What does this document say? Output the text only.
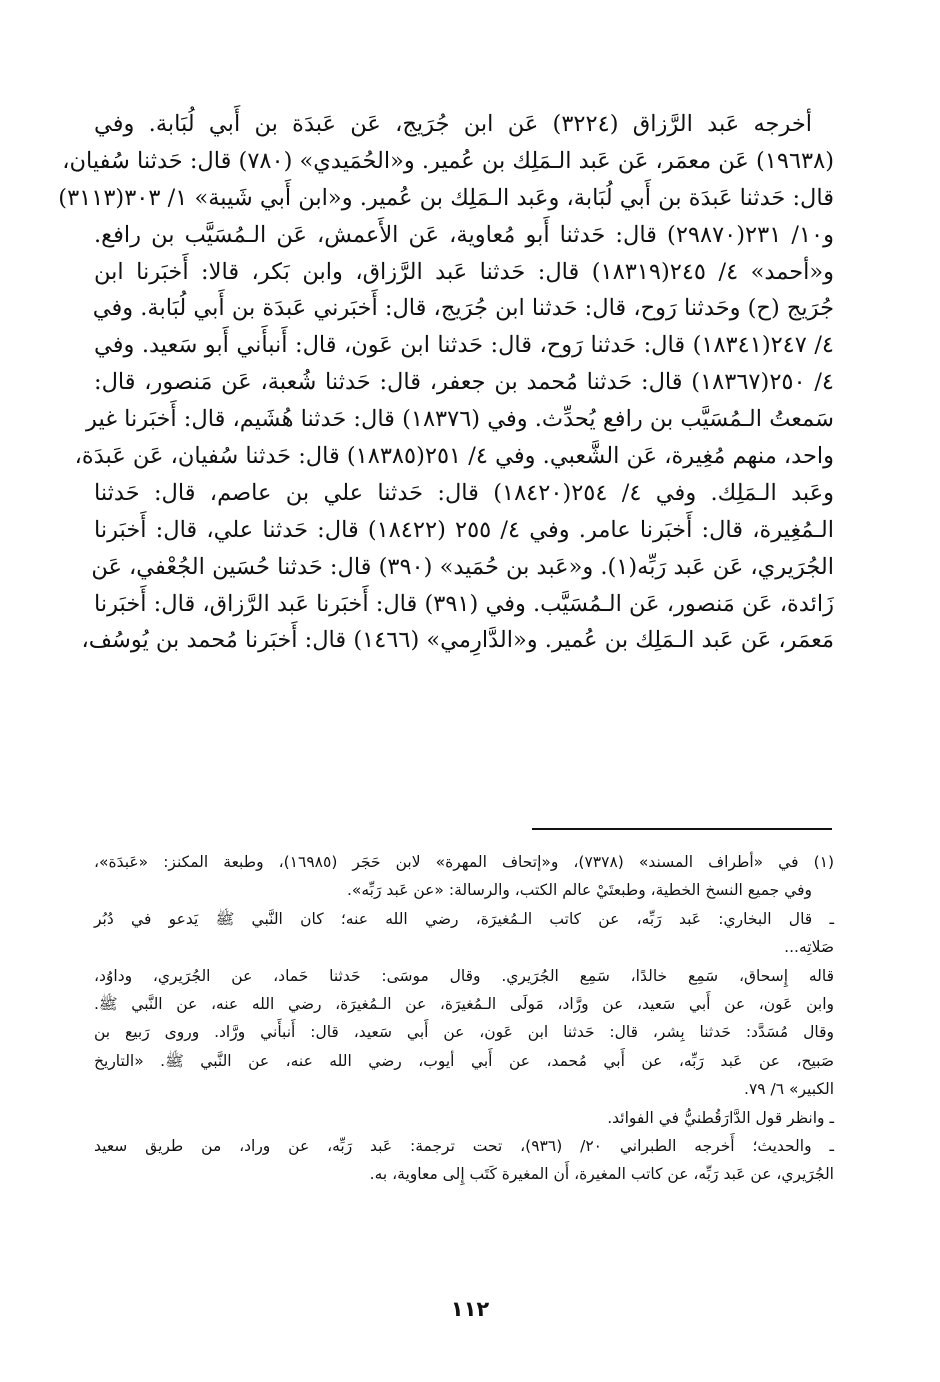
أخرجه عَبد الرَّزاق (٣٢٢٤) عَن ابن جُرَيج، عَن عَبدَة بن أَبي لُبَابة. وفي
(١٩٦٣٨) عَن معمَر، عَن عَبد الـمَلِك بن عُمير. و«الحُمَيدي» (٧٨٠) قال: حَدثنا سُفيان،
قال: حَدثنا عَبدَة بن أَبي لُبَابة، وعَبد الـمَلِك بن عُمير. و«ابن أَبي شَيبة» ١/ ٣٠٣(٣١١٣)
و١٠/ ٢٣١(٢٩٨٧٠) قال: حَدثنا أَبو مُعاوية، عَن الأَعمش، عَن الـمُسَيَّب بن رافع.
و«أحمد» ٤/ ٢٤٥(١٨٣١٩) قال: حَدثنا عَبد الرَّزاق، وابن بَكر، قالا: أَخبَرنا ابن
جُرَيج (ح) وحَدثنا رَوح، قال: حَدثنا ابن جُرَيج، قال: أَخبَرني عَبدَة بن أَبي لُبَابة. وفي
٤/ ٢٤٧(١٨٣٤١) قال: حَدثنا رَوح، قال: حَدثنا ابن عَون، قال: أَنبأَني أَبو سَعيد. وفي
٤/ ٢٥٠(١٨٣٦٧) قال: حَدثنا مُحمد بن جعفر، قال: حَدثنا شُعبة، عَن مَنصور، قال:
سَمعتُ الـمُسَيَّب بن رافع يُحدِّث. وفي (١٨٣٧٦) قال: حَدثنا هُشَيم، قال: أَخبَرنا غير
واحد، منهم مُغِيرة، عَن الشَّعبي. وفي ٤/ ٢٥١(١٨٣٨٥) قال: حَدثنا سُفيان، عَن عَبدَة،
وعَبد الـمَلِك. وفي ٤/ ٢٥٤(١٨٤٢٠) قال: حَدثنا علي بن عاصم، قال: حَدثنا
الـمُغِيرة، قال: أَخبَرنا عامر. وفي ٤/ ٢٥٥ (١٨٤٢٢) قال: حَدثنا علي، قال: أَخبَرنا
الجُرَيري، عَن عَبد رَبِّه(١). و«عَبد بن حُمَيد» (٣٩٠) قال: حَدثنا حُسَين الجُعْفي، عَن
زَائدة، عَن مَنصور، عَن الـمُسَيَّب. وفي (٣٩١) قال: أَخبَرنا عَبد الرَّزاق، قال: أَخبَرنا
مَعمَر، عَن عَبد الـمَلِك بن عُمير. و«الدَّارِمي» (١٤٦٦) قال: أَخبَرنا مُحمد بن يُوسُف،
(١) في «أطراف المسند» (٧٣٧٨)، و«إتحاف المهرة» لابن حَجَر (١٦٩٨٥)، وطبعة المكنز: «عَبدَة»،
وفي جميع النسخ الخطية، وطبعتَيْ عالم الكتب، والرسالة: «عن عَبد رَبِّه».
ـ قال البخاري: عَبد رَبِّه، عن كاتب الـمُغيرَة، رضي الله عنه؛ كان النَّبي ﷺ يَدعو في دُبُر
صَلاتِه...
قاله إِسحاق، سَمِع خالدًا، سَمِع الجُرَيري. وقال موسَى: حَدثنا حَماد، عن الجُرَيري، وداوُد،
وابن عَون، عن أَبي سَعيد، عن ورَّاد، مَولَى الـمُغيرَة، عن الـمُغيرَة، رضي الله عنه، عن النَّبي ﷺ.
وقال مُسَدَّد: حَدثنا بِشر، قال: حَدثنا ابن عَون، عن أَبي سَعيد، قال: أَنبأَني ورَّاد. وروى رَبيع بن
صَبيح، عن عَبد رَبِّه، عن أَبي مُحمد، عن أَبي أيوب، رضي الله عنه، عن النَّبي ﷺ. «التاريخ
الكبير» ٦/ ٧٩.
ـ وانظر قول الدَّارَقُطنيُّ في الفوائد.
ـ والحديث؛ أَخرجه الطبراني ٢٠/ (٩٣٦)، تحت ترجمة: عَبد رَبِّه، عن وراد، من طريق سعيد
الجُرَيري، عن عَبد رَبِّه، عن كاتب المغيرة، أَن المغيرة كَتَب إِلى معاوية، به.
١١٢
